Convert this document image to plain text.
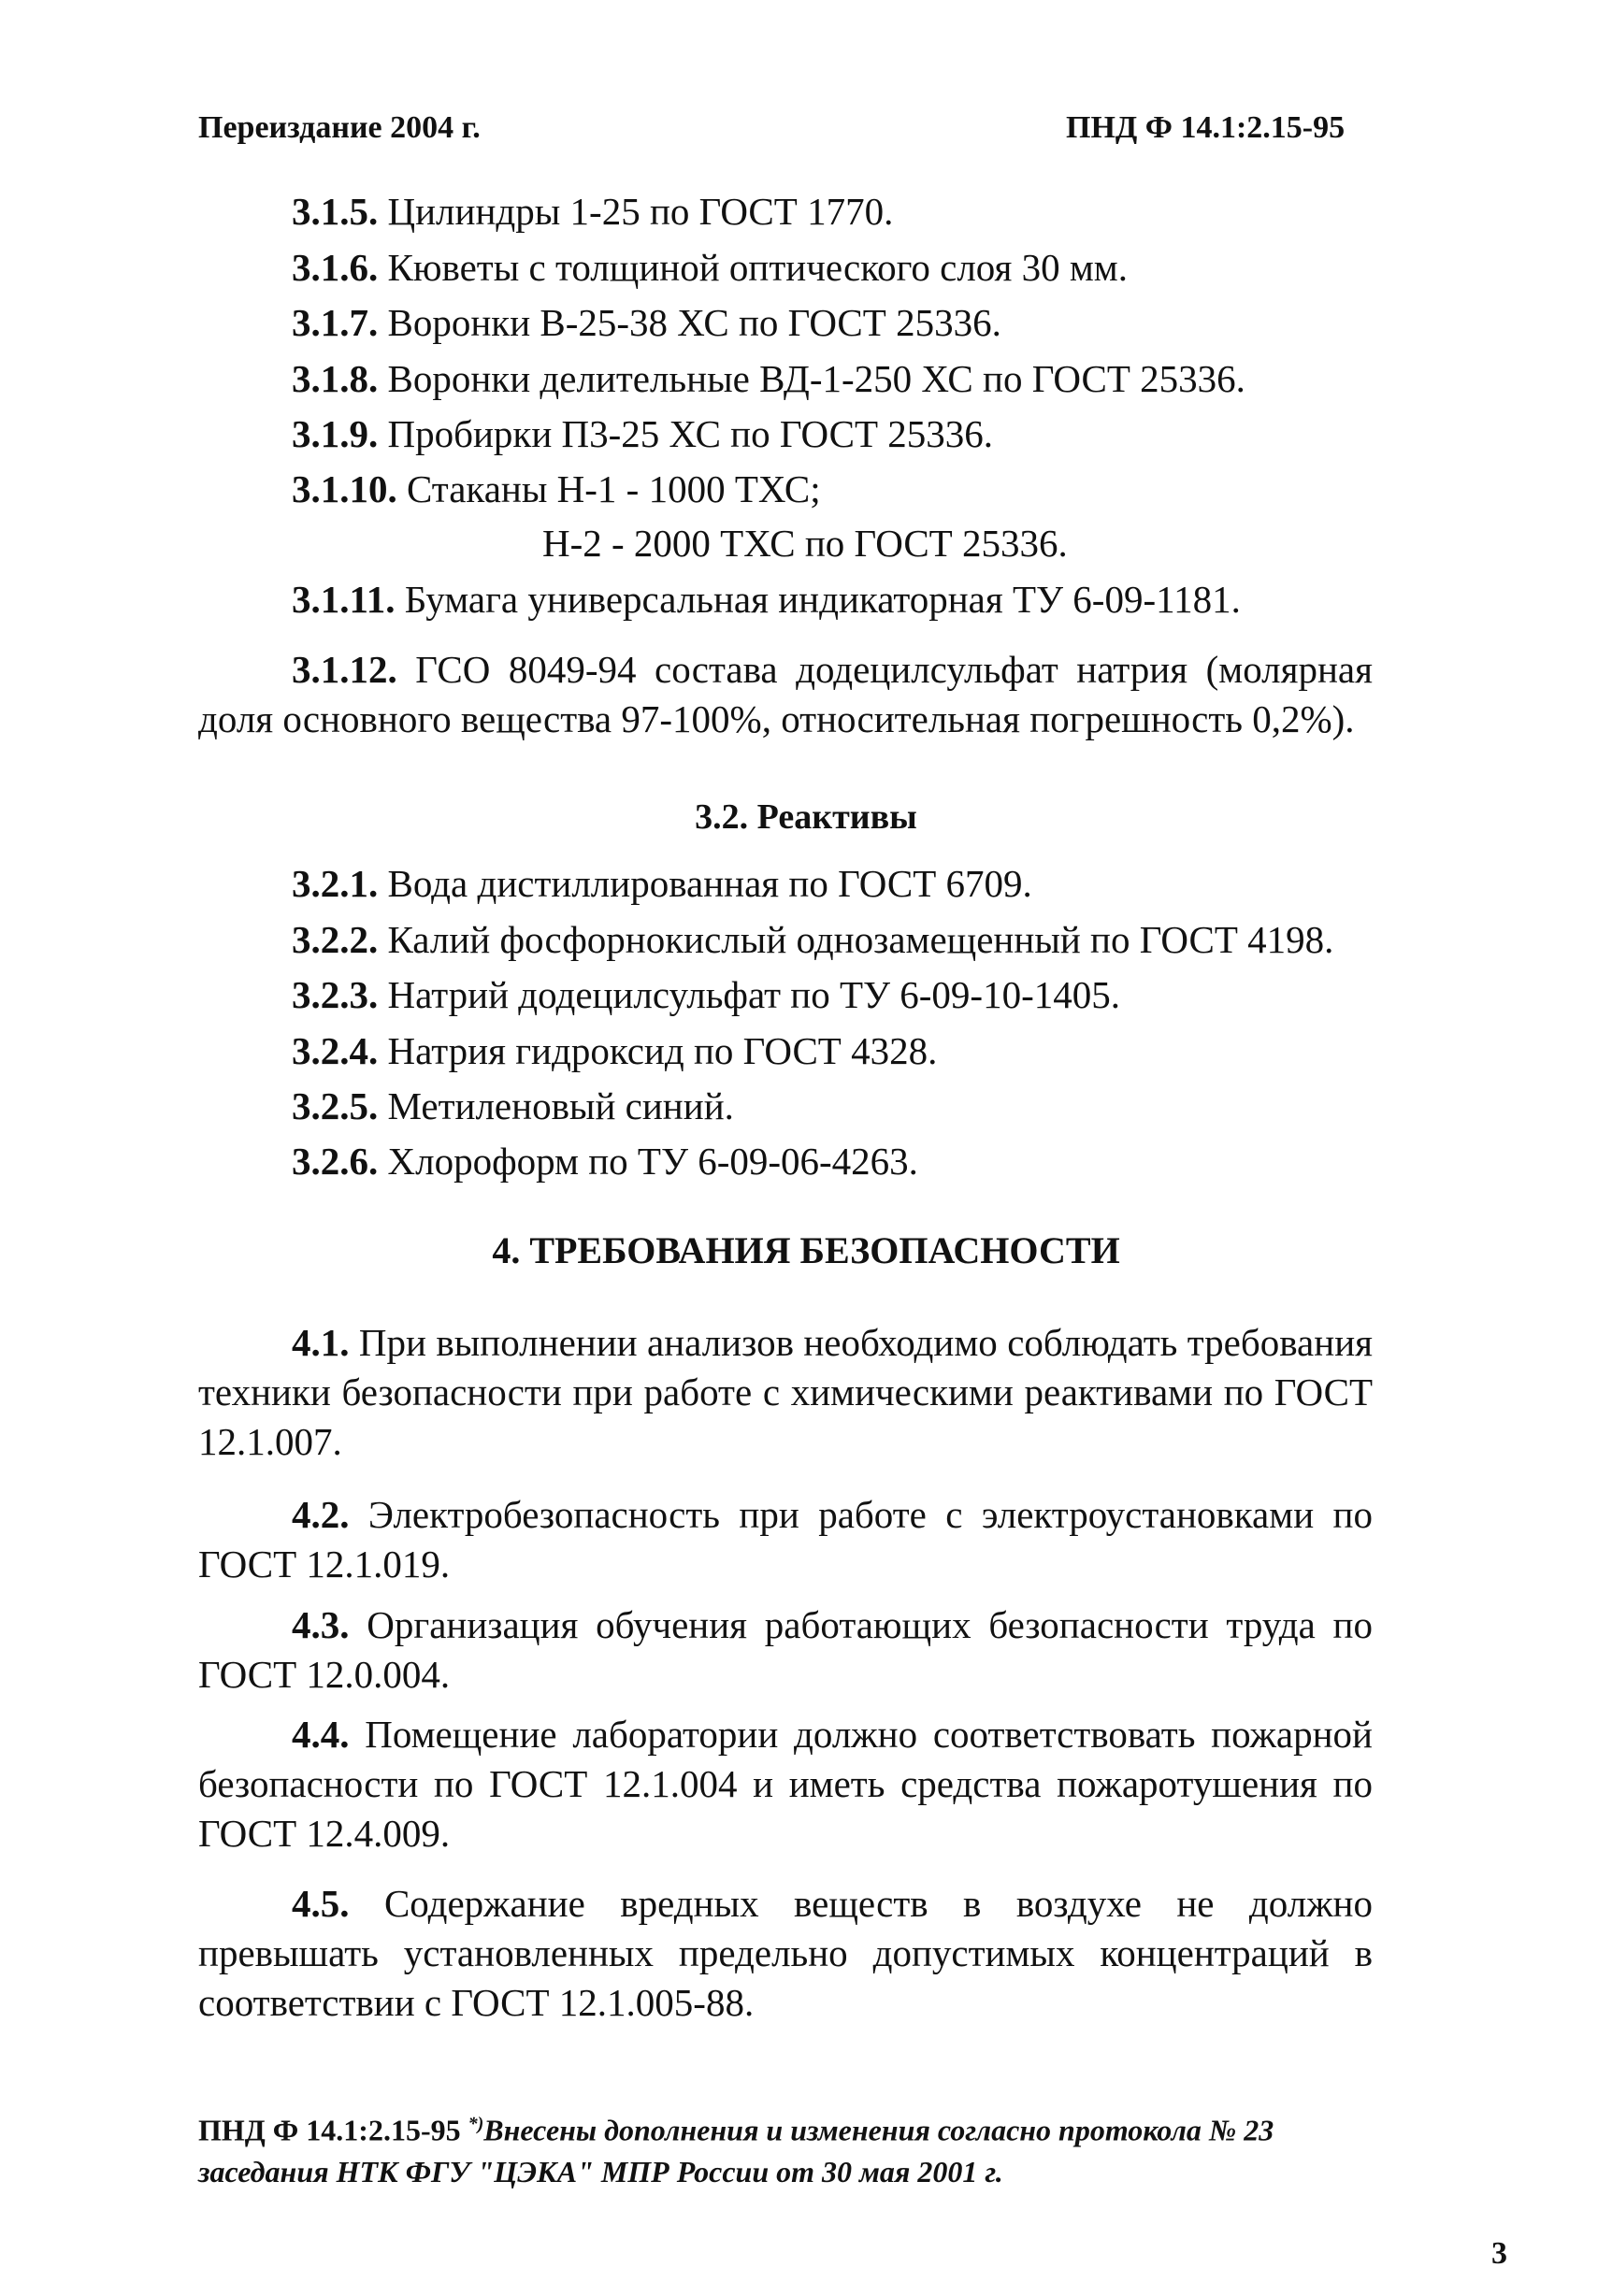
Переиздание 2004 г.	ПНД Ф 14.1:2.15-95
3.1.5. Цилиндры 1-25 по ГОСТ 1770.
3.1.6. Кюветы с толщиной оптического слоя 30 мм.
3.1.7. Воронки В-25-38 ХС по ГОСТ 25336.
3.1.8. Воронки делительные ВД-1-250 ХС по ГОСТ 25336.
3.1.9. Пробирки П3-25 ХС по ГОСТ 25336.
3.1.10. Стаканы Н-1 - 1000 ТХС;
Н-2 - 2000 ТХС по ГОСТ 25336.
3.1.11. Бумага универсальная индикаторная ТУ 6-09-1181.
3.1.12. ГСО 8049-94 состава додецилсульфат натрия (молярная доля основного вещества 97-100%, относительная погрешность 0,2%).
3.2. Реактивы
3.2.1. Вода дистиллированная по ГОСТ 6709.
3.2.2. Калий фосфорнокислый однозамещенный по ГОСТ 4198.
3.2.3. Натрий додецилсульфат по ТУ 6-09-10-1405.
3.2.4. Натрия гидроксид по ГОСТ 4328.
3.2.5. Метиленовый синий.
3.2.6. Хлороформ по ТУ 6-09-06-4263.
4. ТРЕБОВАНИЯ БЕЗОПАСНОСТИ
4.1. При выполнении анализов необходимо соблюдать требования техники безопасности при работе с химическими реактивами по ГОСТ 12.1.007.
4.2. Электробезопасность при работе с электроустановками по ГОСТ 12.1.019.
4.3. Организация обучения работающих безопасности труда по ГОСТ 12.0.004.
4.4. Помещение лаборатории должно соответствовать пожарной безопасности по ГОСТ 12.1.004 и иметь средства пожаротушения по ГОСТ 12.4.009.
4.5. Содержание вредных веществ в воздухе не должно превышать установленных предельно допустимых концентраций в соответствии с ГОСТ 12.1.005-88.
ПНД Ф 14.1:2.15-95 *)Внесены дополнения и изменения согласно протокола № 23 заседания НТК ФГУ "ЦЭКА" МПР России от 30 мая 2001 г.
3
